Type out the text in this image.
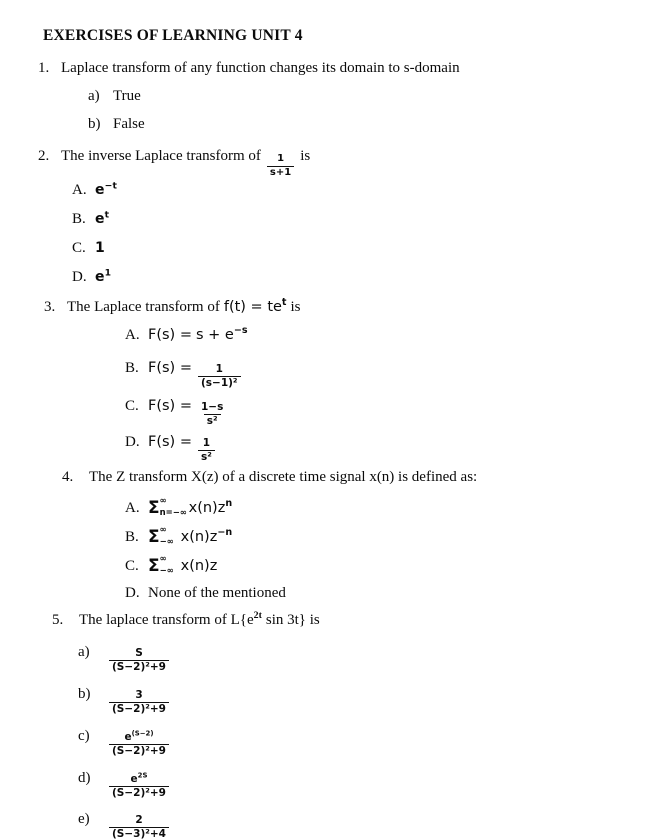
EXERCISES OF LEARNING UNIT 4
1. Laplace transform of any function changes its domain to s-domain
a) True
b) False
2. The inverse Laplace transform of $\frac{1}{s+1}$ is
A. $e^{-t}$
B. $e^t$
C. 1
D. $e^1$
3. The Laplace transform of $f(t) = te^t$ is
A. $F(s) = s + e^{-s}$
B. $F(s) = \frac{1}{\text{(s−1)²}}$
C. $F(s) = \frac{1-s}{\text{s²}}$
D. $F(s) = \frac{1}{\text{s²}}$
4.	The Z transform X(z) of a discrete time signal x(n) is defined as:
A. Σ ∞
n=−∞ $x(n)z^n$
B. Σ ∞
−∞ $x(n)z^{-n}$
C. Σ ∞
−∞ x(n)z
D. None of the mentioned
5.	The laplace transform of $L\{e^{2t}$ sin 3t} is
a)	$\frac{S}{\text{(S−2)²+9}}$
b)	$\frac{3}{\text{(S−2)²+9}}$
c)	$\frac{e^{(S-2)}}{\text{(S−2)²+9}}$
d)	$\frac{e^{2S}}{\text{(S−2)²+9}}$
e)	$\frac{2}{\text{(S−3)²+4}}$
